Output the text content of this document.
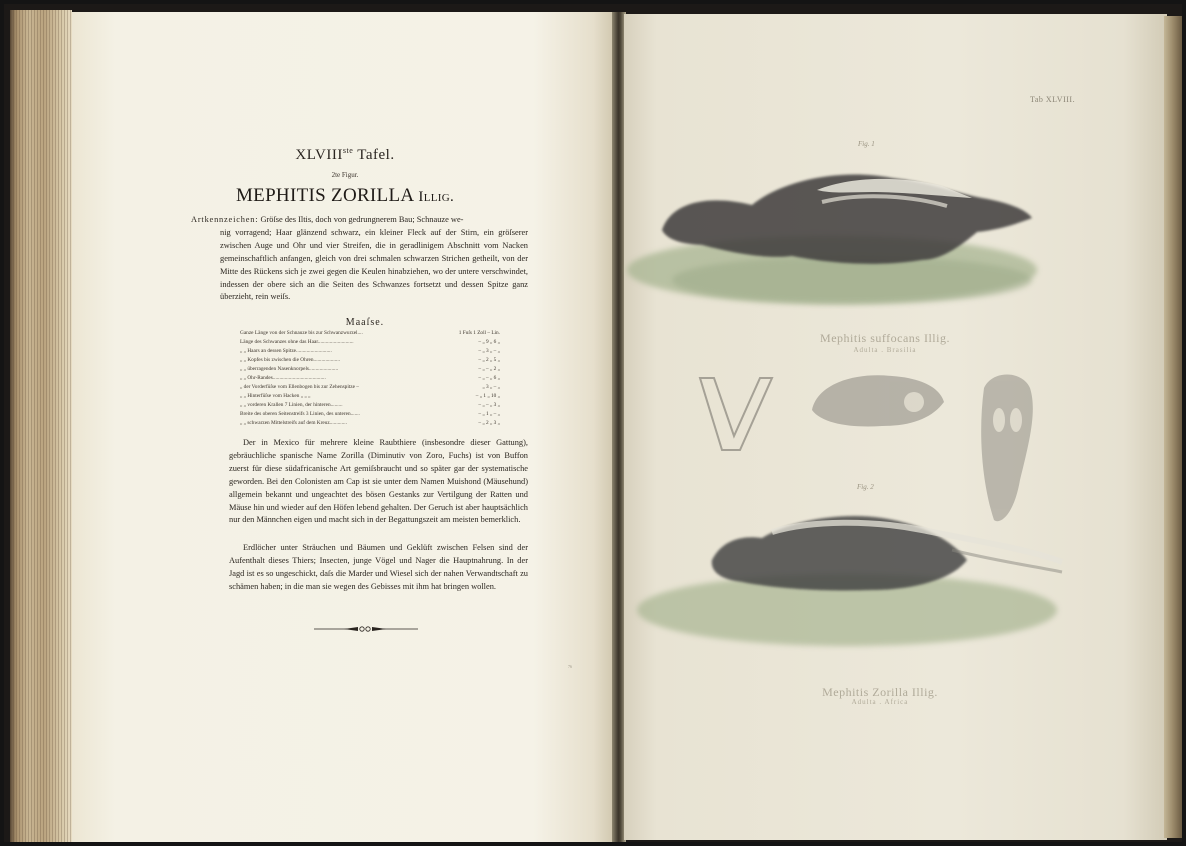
XLVIIIste Tafel.
2te Figur.
MEPHITIS ZORILLA Illig.
Artkennzeichen: Gröſse des Iltis, doch von gedrungnerem Bau; Schnauze we-
nig vorragend; Haar glänzend schwarz, ein kleiner Fleck auf der Stirn, ein gröſserer zwischen Auge und Ohr und vier Streifen, die in geradlinigem Abschnitt vom Nacken gemeinschaftlich anfangen, gleich von drei schmalen schwarzen Strichen getheilt, von der Mitte des Rückens sich je zwei gegen die Keulen hinabziehen, wo der untere verschwindet, indessen der obere sich an die Seiten des Schwanzes fortsetzt und dessen Spitze ganz überzieht, rein weiſs.
Maaſse.
Ganze Länge von der Schnauze bis zur Schwanzwurzel....	1 Fuſs 1 Zoll – Lin.
Länge des Schwanzes ohne das Haar...........................	– „ 9 „ 6 „
„ „ Haars an dessen Spitze...........................	– „ 3 „ – „
„ „ Kopfes bis zwischen die Ohren....................	– „ 2 „ 5 „
„ „ überragenden Nasenknorpels......................	– „ – „ 2 „
„ „ Ohr-Randes........................................	– „ – „ 6 „
„ der Vorderfüſse vom Ellenbogen bis zur Zehenspitze –	„ 3 „ – „
„ „ Hinterfüſse vom Hacken „ „ „	– „ 1 „ 10 „
„ „ vorderen Krallen 7 Linien, der hinteren.........	– „ – „ 3 „
Breite des oberen Seitenstreifs 3 Linien, des unteren.......	– „ 1 „ – „
„ „ schwarzen Mittelstreifs auf dem Kreuz.............	– „ 2 „ 3 „
Der in Mexico für mehrere kleine Raubthiere (insbesondre dieser Gattung), gebräuchliche spanische Name Zorilla (Diminutiv von Zoro, Fuchs) ist von Buffon zuerst für diese südafricanische Art gemiſsbraucht und so später gar der systematische geworden. Bei den Colonisten am Cap ist sie unter dem Namen Muishond (Mäusehund) allgemein bekannt und ungeachtet des bösen Gestanks zur Vertilgung der Ratten und Mäuse hin und wieder auf den Höfen lebend gehalten. Der Geruch ist aber hauptsächlich nur den Männchen eigen und macht sich in der Begattungszeit am meisten bemerklich.
Erdlöcher unter Sträuchen und Bäumen und Geklüft zwischen Felsen sind der Aufenthalt dieses Thiers; Insecten, junge Vögel und Nager die Hauptnahrung. In der Jagd ist es so ungeschickt, daſs die Marder und Wiesel sich der nahen Verwandtschaft zu schämen haben; in die man sie wegen des Gebisses mit ihm hat bringen wollen.
76
Tab XLVIII.
Fig. 1
Fig. 2
Mephitis suffocans Illig.
Adulta . Brasilia
Mephitis Zorilla Illig.
Adulta . Africa
